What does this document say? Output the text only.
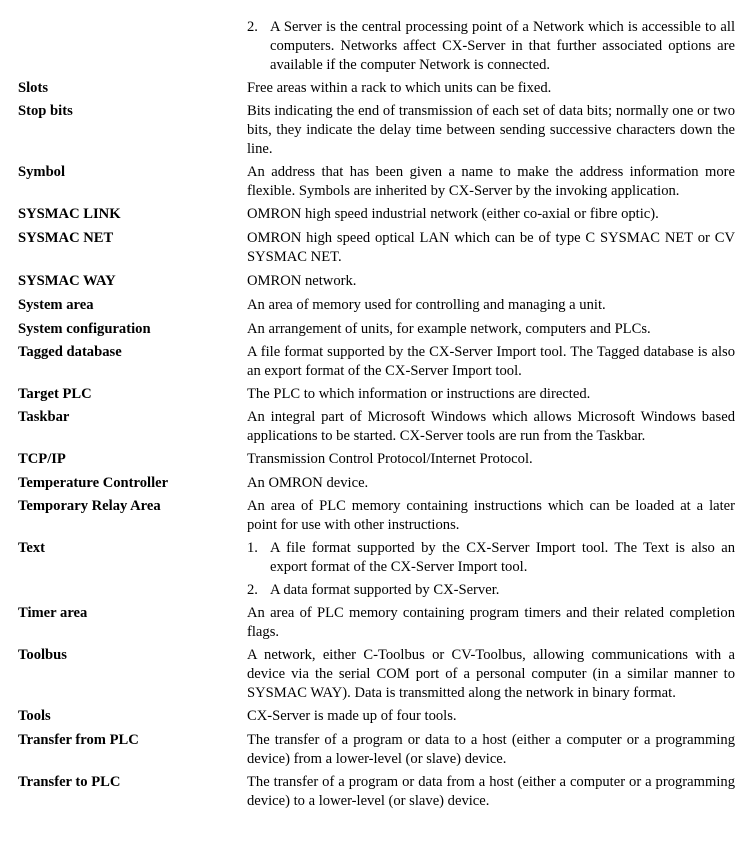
2. A Server is the central processing point of a Network which is accessible to all computers. Networks affect CX-Server in that further associated options are available if the computer Network is connected.
Slots	Free areas within a rack to which units can be fixed.
Stop bits	Bits indicating the end of transmission of each set of data bits; normally one or two bits, they indicate the delay time between sending successive characters down the line.
Symbol	An address that has been given a name to make the address information more flexible. Symbols are inherited by CX-Server by the invoking application.
SYSMAC LINK	OMRON high speed industrial network (either co-axial or fibre optic).
SYSMAC NET	OMRON high speed optical LAN which can be of type C SYSMAC NET or CV SYSMAC NET.
SYSMAC WAY	OMRON network.
System area	An area of memory used for controlling and managing a unit.
System configuration	An arrangement of units, for example network, computers and PLCs.
Tagged database	A file format supported by the CX-Server Import tool. The Tagged database is also an export format of the CX-Server Import tool.
Target PLC	The PLC to which information or instructions are directed.
Taskbar	An integral part of Microsoft Windows which allows Microsoft Windows based applications to be started. CX-Server tools are run from the Taskbar.
TCP/IP	Transmission Control Protocol/Internet Protocol.
Temperature Controller	An OMRON device.
Temporary Relay Area	An area of PLC memory containing instructions which can be loaded at a later point for use with other instructions.
Text	1. A file format supported by the CX-Server Import tool. The Text is also an export format of the CX-Server Import tool.
2. A data format supported by CX-Server.
Timer area	An area of PLC memory containing program timers and their related completion flags.
Toolbus	A network, either C-Toolbus or CV-Toolbus, allowing communications with a device via the serial COM port of a personal computer (in a similar manner to SYSMAC WAY). Data is transmitted along the network in binary format.
Tools	CX-Server is made up of four tools.
Transfer from PLC	The transfer of a program or data to a host (either a computer or a programming device) from a lower-level (or slave) device.
Transfer to PLC	The transfer of a program or data from a host (either a computer or a programming device) to a lower-level (or slave) device.
